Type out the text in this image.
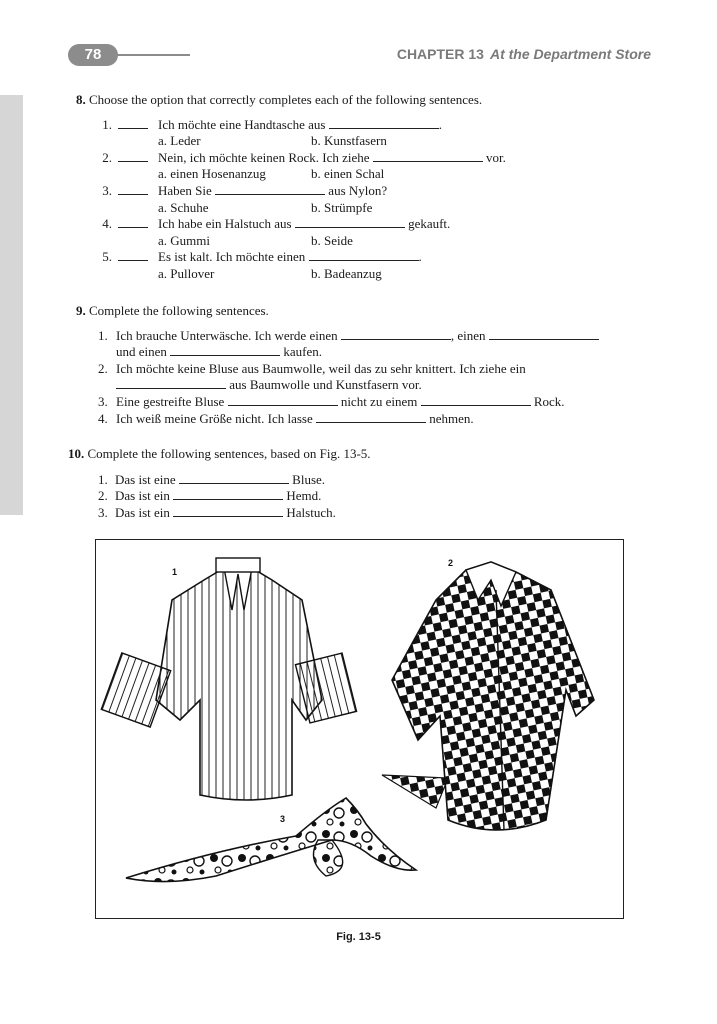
78	CHAPTER 13 At the Department Store
8. Choose the option that correctly completes each of the following sentences.
1.	Ich möchte eine Handtasche aus	.
a. Leder	b. Kunstfasern
2.	Nein, ich möchte keinen Rock. Ich ziehe	vor.
a. einen Hosenanzug	b. einen Schal
3.	Haben Sie	aus Nylon?
a. Schuhe	b. Strümpfe
4.	Ich habe ein Halstuch aus	gekauft.
a. Gummi	b. Seide
5.	Es ist kalt. Ich möchte einen	.
a. Pullover	b. Badeanzug
9. Complete the following sentences.
1. Ich brauche Unterwäsche. Ich werde einen	, einen
und einen	kaufen.
2. Ich möchte keine Bluse aus Baumwolle, weil das zu sehr knittert. Ich ziehe ein
aus Baumwolle und Kunstfasern vor.
3. Eine gestreifte Bluse	nicht zu einem	Rock.
4. Ich weiß meine Größe nicht. Ich lasse	nehmen.
10. Complete the following sentences, based on Fig. 13-5.
1. Das ist eine	Bluse.
2. Das ist ein	Hemd.
3. Das ist ein	Halstuch.
1
2
3
Fig. 13-5
